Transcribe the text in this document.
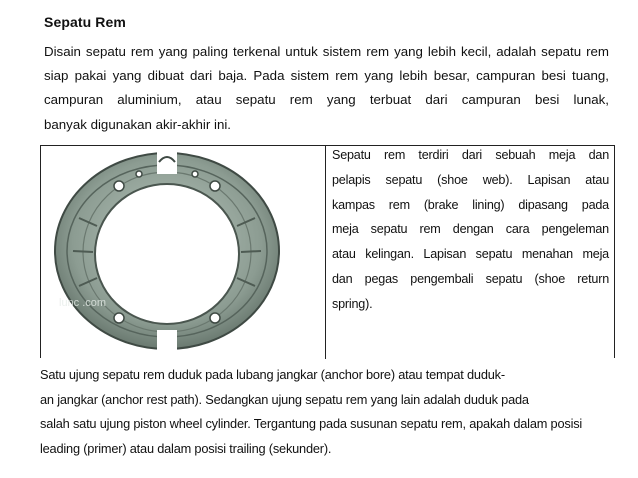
Sepatu Rem
Disain sepatu rem yang paling terkenal untuk sistem rem yang lebih kecil, adalah sepatu rem
siap pakai yang dibuat dari baja. Pada sistem rem yang lebih besar, campuran besi tuang,
campuran aluminium, atau sepatu rem yang terbuat dari campuran besi lunak,
banyak digunakan akir-akhir ini.
lunc .com
Sepatu rem terdiri dari sebuah meja dan
pelapis sepatu (shoe web). Lapisan atau
kampas rem (brake lining) dipasang pada
meja sepatu rem dengan cara pengeleman
atau kelingan. Lapisan sepatu menahan meja
dan pegas pengembali sepatu (shoe return
spring).
Satu ujung sepatu rem duduk pada lubang jangkar (anchor bore) atau tempat duduk-
an jangkar (anchor rest path). Sedangkan ujung sepatu rem yang lain adalah duduk pada
salah satu ujung piston wheel cylinder. Tergantung pada susunan sepatu rem, apakah dalam posisi
leading (primer) atau dalam posisi trailing (sekunder).
